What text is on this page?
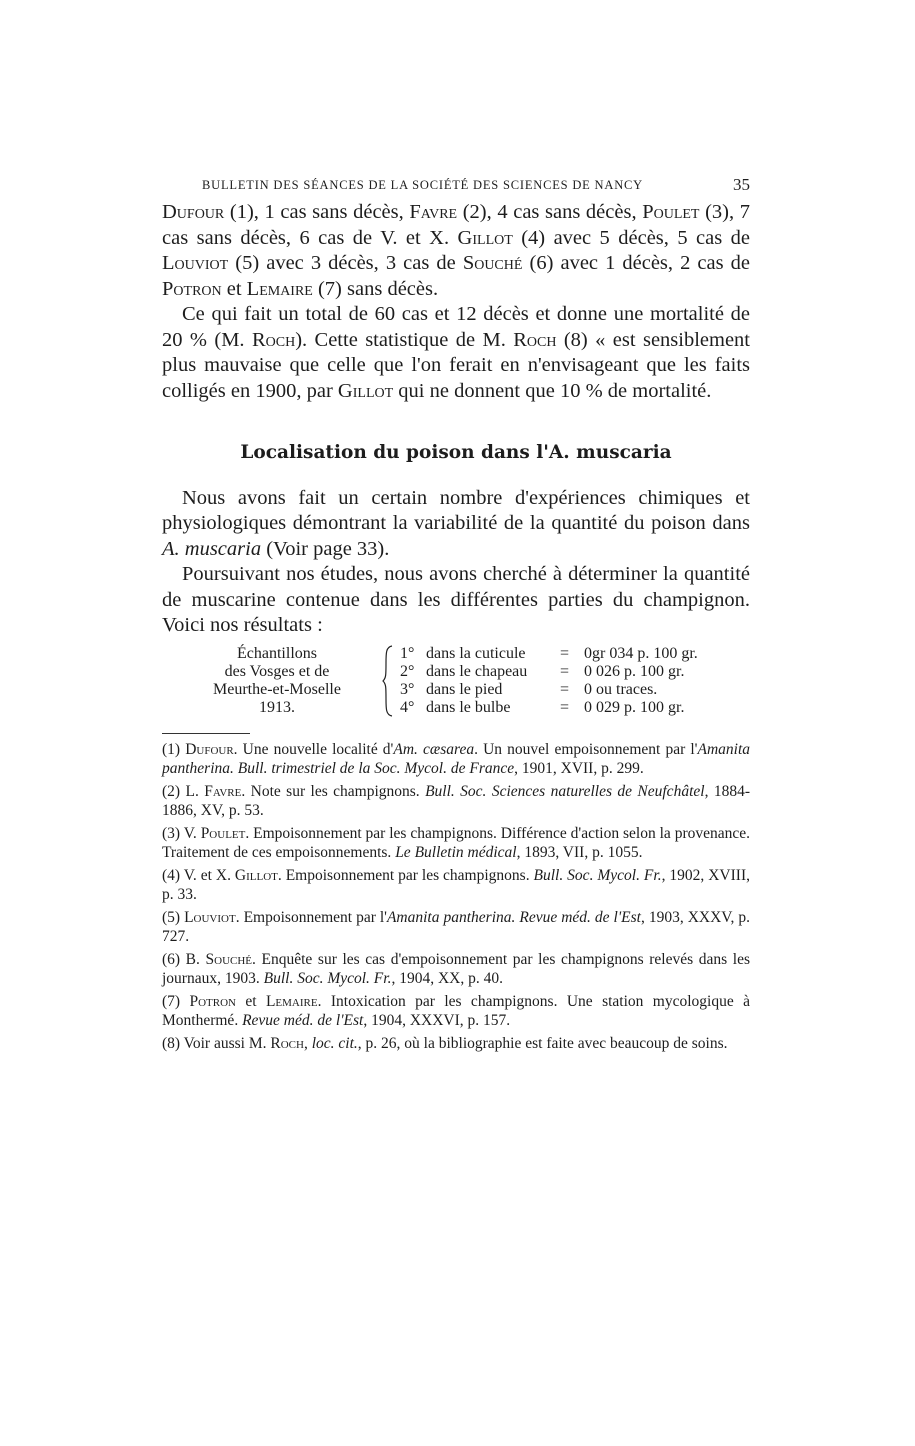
BULLETIN DES SÉANCES DE LA SOCIÉTÉ DES SCIENCES DE NANCY	35

Dufour (1), 1 cas sans décès, Favre (2), 4 cas sans décès, Poulet (3), 7 cas sans décès, 6 cas de V. et X. Gillot (4) avec 5 décès, 5 cas de Louviot (5) avec 3 décès, 3 cas de Souché (6) avec 1 décès, 2 cas de Potron et Lemaire (7) sans décès.

Ce qui fait un total de 60 cas et 12 décès et donne une mortalité de 20 % (M. Roch). Cette statistique de M. Roch (8) « est sensiblement plus mauvaise que celle que l'on ferait en n'envisageant que les faits colligés en 1900, par Gillot qui ne donnent que 10 % de mortalité.

Localisation du poison dans l'A. muscaria

Nous avons fait un certain nombre d'expériences chimiques et physiologiques démontrant la variabilité de la quantité du poison dans A. muscaria (Voir page 33).

Poursuivant nos études, nous avons cherché à déterminer la quantité de muscarine contenue dans les différentes parties du champignon. Voici nos résultats :

Échantillons
des Vosges et de
Meurthe-et-Moselle
1913.
1° dans la cuticule	= 0gr 034 p. 100 gr.
2° dans le chapeau	= 0 026 p. 100 gr.
3° dans le pied	= 0 ou traces.
4° dans le bulbe	= 0 029 p. 100 gr.

(1) Dufour. Une nouvelle localité d'Am. cæsarea. Un nouvel empoisonnement par l'Amanita pantherina. Bull. trimestriel de la Soc. Mycol. de France, 1901, XVII, p. 299.

(2) L. Favre. Note sur les champignons. Bull. Soc. Sciences naturelles de Neufchâtel, 1884-1886, XV, p. 53.

(3) V. Poulet. Empoisonnement par les champignons. Différence d'action selon la provenance. Traitement de ces empoisonnements. Le Bulletin médical, 1893, VII, p. 1055.

(4) V. et X. Gillot. Empoisonnement par les champignons. Bull. Soc. Mycol. Fr., 1902, XVIII, p. 33.

(5) Louviot. Empoisonnement par l'Amanita pantherina. Revue méd. de l'Est, 1903, XXXV, p. 727.

(6) B. Souché. Enquête sur les cas d'empoisonnement par les champignons relevés dans les journaux, 1903. Bull. Soc. Mycol. Fr., 1904, XX, p. 40.

(7) Potron et Lemaire. Intoxication par les champignons. Une station mycologique à Monthermé. Revue méd. de l'Est, 1904, XXXVI, p. 157.

(8) Voir aussi M. Roch, loc. cit., p. 26, où la bibliographie est faite avec beaucoup de soins.
